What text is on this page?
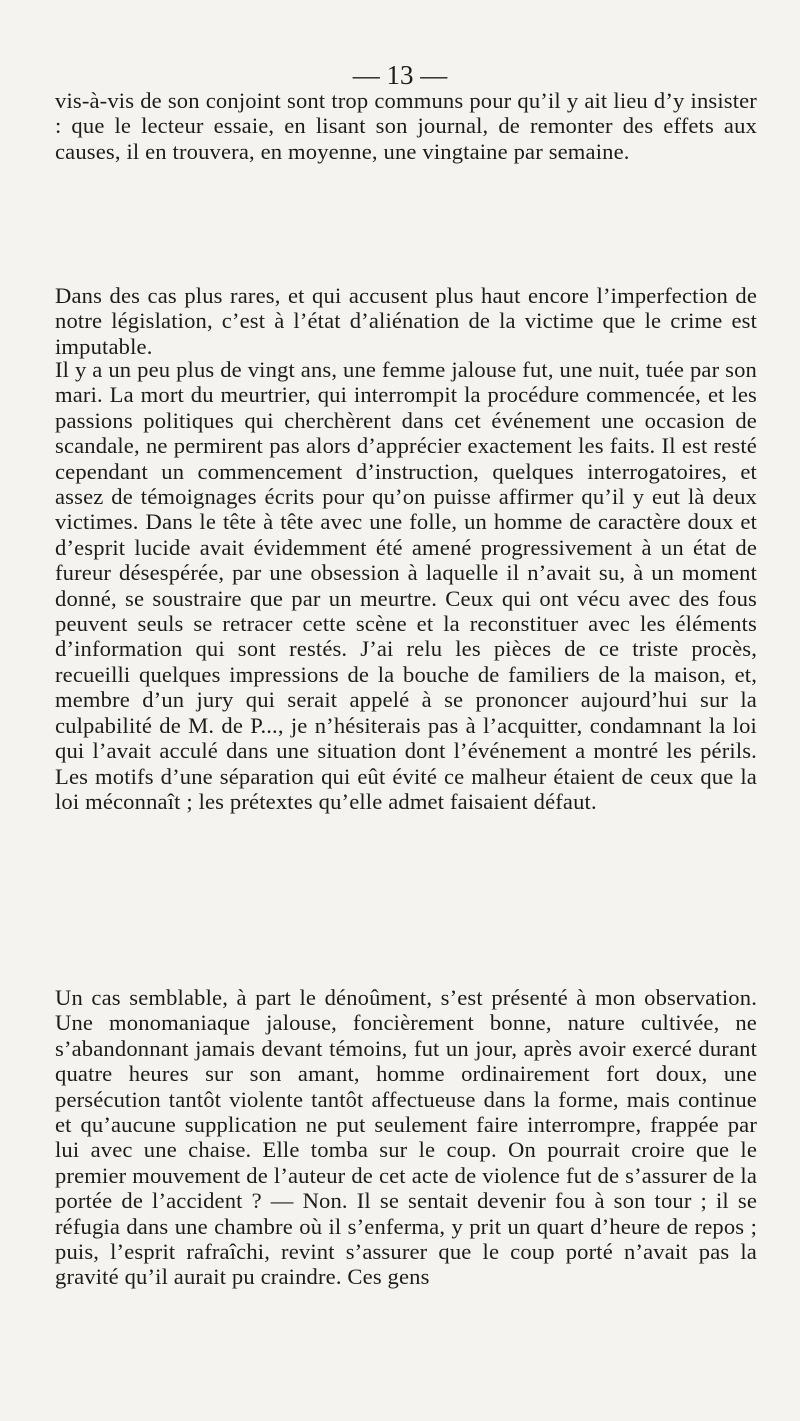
— 13 —

vis-à-vis de son conjoint sont trop communs pour qu’il y ait lieu d’y insister : que le lecteur essaie, en lisant son journal, de remonter des effets aux causes, il en trouvera, en moyenne, une vingtaine par semaine.

Dans des cas plus rares, et qui accusent plus haut encore l’imperfection de notre législation, c’est à l’état d’aliénation de la victime que le crime est imputable.

Il y a un peu plus de vingt ans, une femme jalouse fut, une nuit, tuée par son mari. La mort du meurtrier, qui interrompit la procédure commencée, et les passions politiques qui cherchèrent dans cet événement une occasion de scandale, ne permirent pas alors d’apprécier exactement les faits. Il est resté cependant un commencement d’instruction, quelques interrogatoires, et assez de témoignages écrits pour qu’on puisse affirmer qu’il y eut là deux victimes. Dans le tête à tête avec une folle, un homme de caractère doux et d’esprit lucide avait évidemment été amené progressivement à un état de fureur désespérée, par une obsession à laquelle il n’avait su, à un moment donné, se soustraire que par un meurtre. Ceux qui ont vécu avec des fous peuvent seuls se retracer cette scène et la reconstituer avec les éléments d’information qui sont restés. J’ai relu les pièces de ce triste procès, recueilli quelques impressions de la bouche de familiers de la maison, et, membre d’un jury qui serait appelé à se prononcer aujourd’hui sur la culpabilité de M. de P..., je n’hésiterais pas à l’acquitter, condamnant la loi qui l’avait acculé dans une situation dont l’événement a montré les périls. Les motifs d’une séparation qui eût évité ce malheur étaient de ceux que la loi méconnaît ; les prétextes qu’elle admet faisaient défaut.

Un cas semblable, à part le dénoûment, s’est présenté à mon observation. Une monomaniaque jalouse, foncièrement bonne, nature cultivée, ne s’abandonnant jamais devant témoins, fut un jour, après avoir exercé durant quatre heures sur son amant, homme ordinairement fort doux, une persécution tantôt violente tantôt affectueuse dans la forme, mais continue et qu’aucune supplication ne put seulement faire interrompre, frappée par lui avec une chaise. Elle tomba sur le coup. On pourrait croire que le premier mouvement de l’auteur de cet acte de violence fut de s’assurer de la portée de l’accident ? — Non. Il se sentait devenir fou à son tour ; il se réfugia dans une chambre où il s’enferma, y prit un quart d’heure de repos ; puis, l’esprit rafraîchi, revint s’assurer que le coup porté n’avait pas la gravité qu’il aurait pu craindre. Ces gens
